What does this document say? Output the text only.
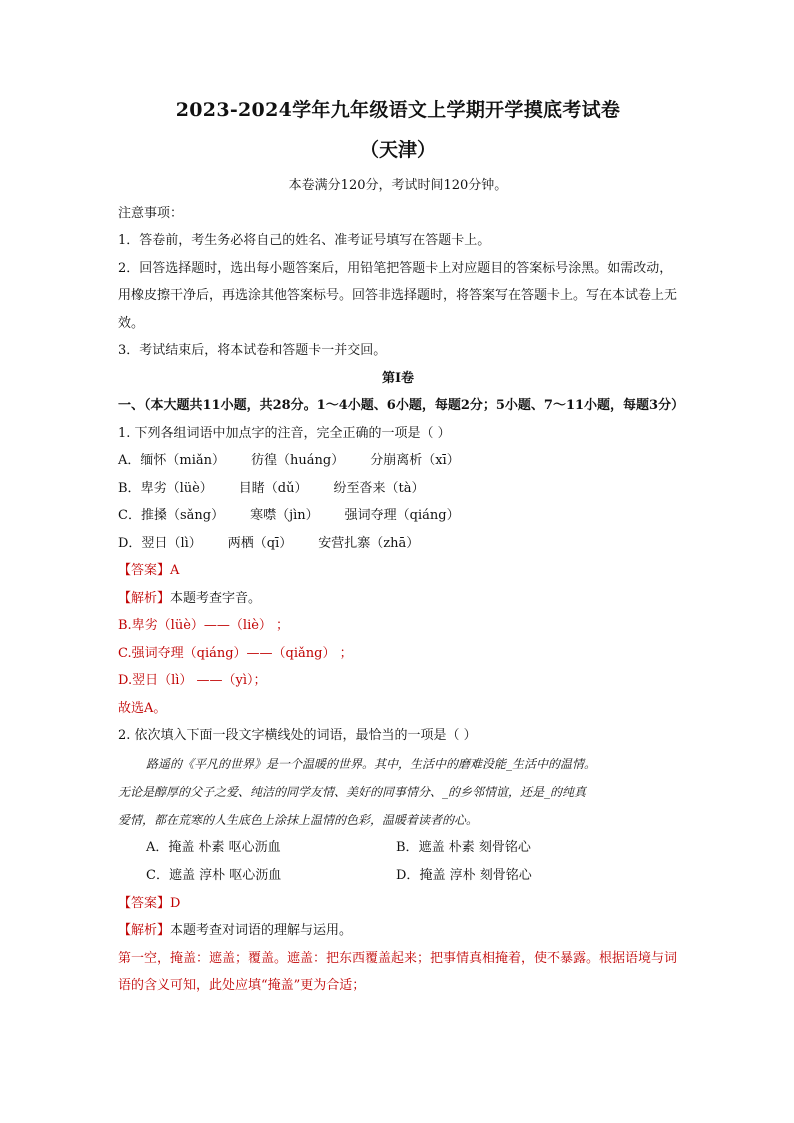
2023-2024学年九年级语文上学期开学摸底考试卷
（天津）

本卷满分120分，考试时间120分钟。

注意事项：

1．答卷前，考生务必将自己的姓名、准考证号填写在答题卡上。

2．回答选择题时，选出每小题答案后，用铅笔把答题卡上对应题目的答案标号涂黑。如需改动，用橡皮擦干净后，再选涂其他答案标号。回答非选择题时，将答案写在答题卡上。写在本试卷上无效。

3．考试结束后，将本试卷和答题卡一并交回。

第Ⅰ卷

一、（本大题共11小题，共28分。1～4小题、6小题，每题2分；5小题、7～11小题，每题3分）

1. 下列各组词语中加点字的注音，完全正确的一项是（ ）

A．缅怀（miǎn） 彷徨（huáng） 分崩离析（xī）

B．卑劣（lüè） 目睹（dǔ） 纷至沓来（tà）

C．推搡（sǎng） 寒噤（jìn） 强词夺理（qiáng）

D．翌日（lì） 两栖（qī） 安营扎寨（zhā）

【答案】A

【解析】本题考查字音。

B.卑劣（lüè）——（liè） ；

C.强词夺理（qiáng）——（qiǎng） ；

D.翌日（lì） ——（yì）；

故选A。

2. 依次填入下面一段文字横线处的词语，最恰当的一项是（ ）

路遥的《平凡的世界》是一个温暖的世界。其中，生活中的磨难没能_生活中的温情。

无论是醇厚的父子之爱、纯洁的同学友情、美好的同事情分、_的乡邻情谊，还是_的纯真

爱情，都在荒寒的人生底色上涂抹上温情的色彩，温暖着读者的心。

A．掩盖 朴素 呕心沥血	B．遮盖 朴素 刻骨铭心
C．遮盖 淳朴 呕心沥血	D．掩盖 淳朴 刻骨铭心

【答案】D

【解析】本题考查对词语的理解与运用。

第一空，掩盖：遮盖；覆盖。遮盖：把东西覆盖起来；把事情真相掩着，使不暴露。根据语境与词语的含义可知，此处应填“掩盖”更为合适；
